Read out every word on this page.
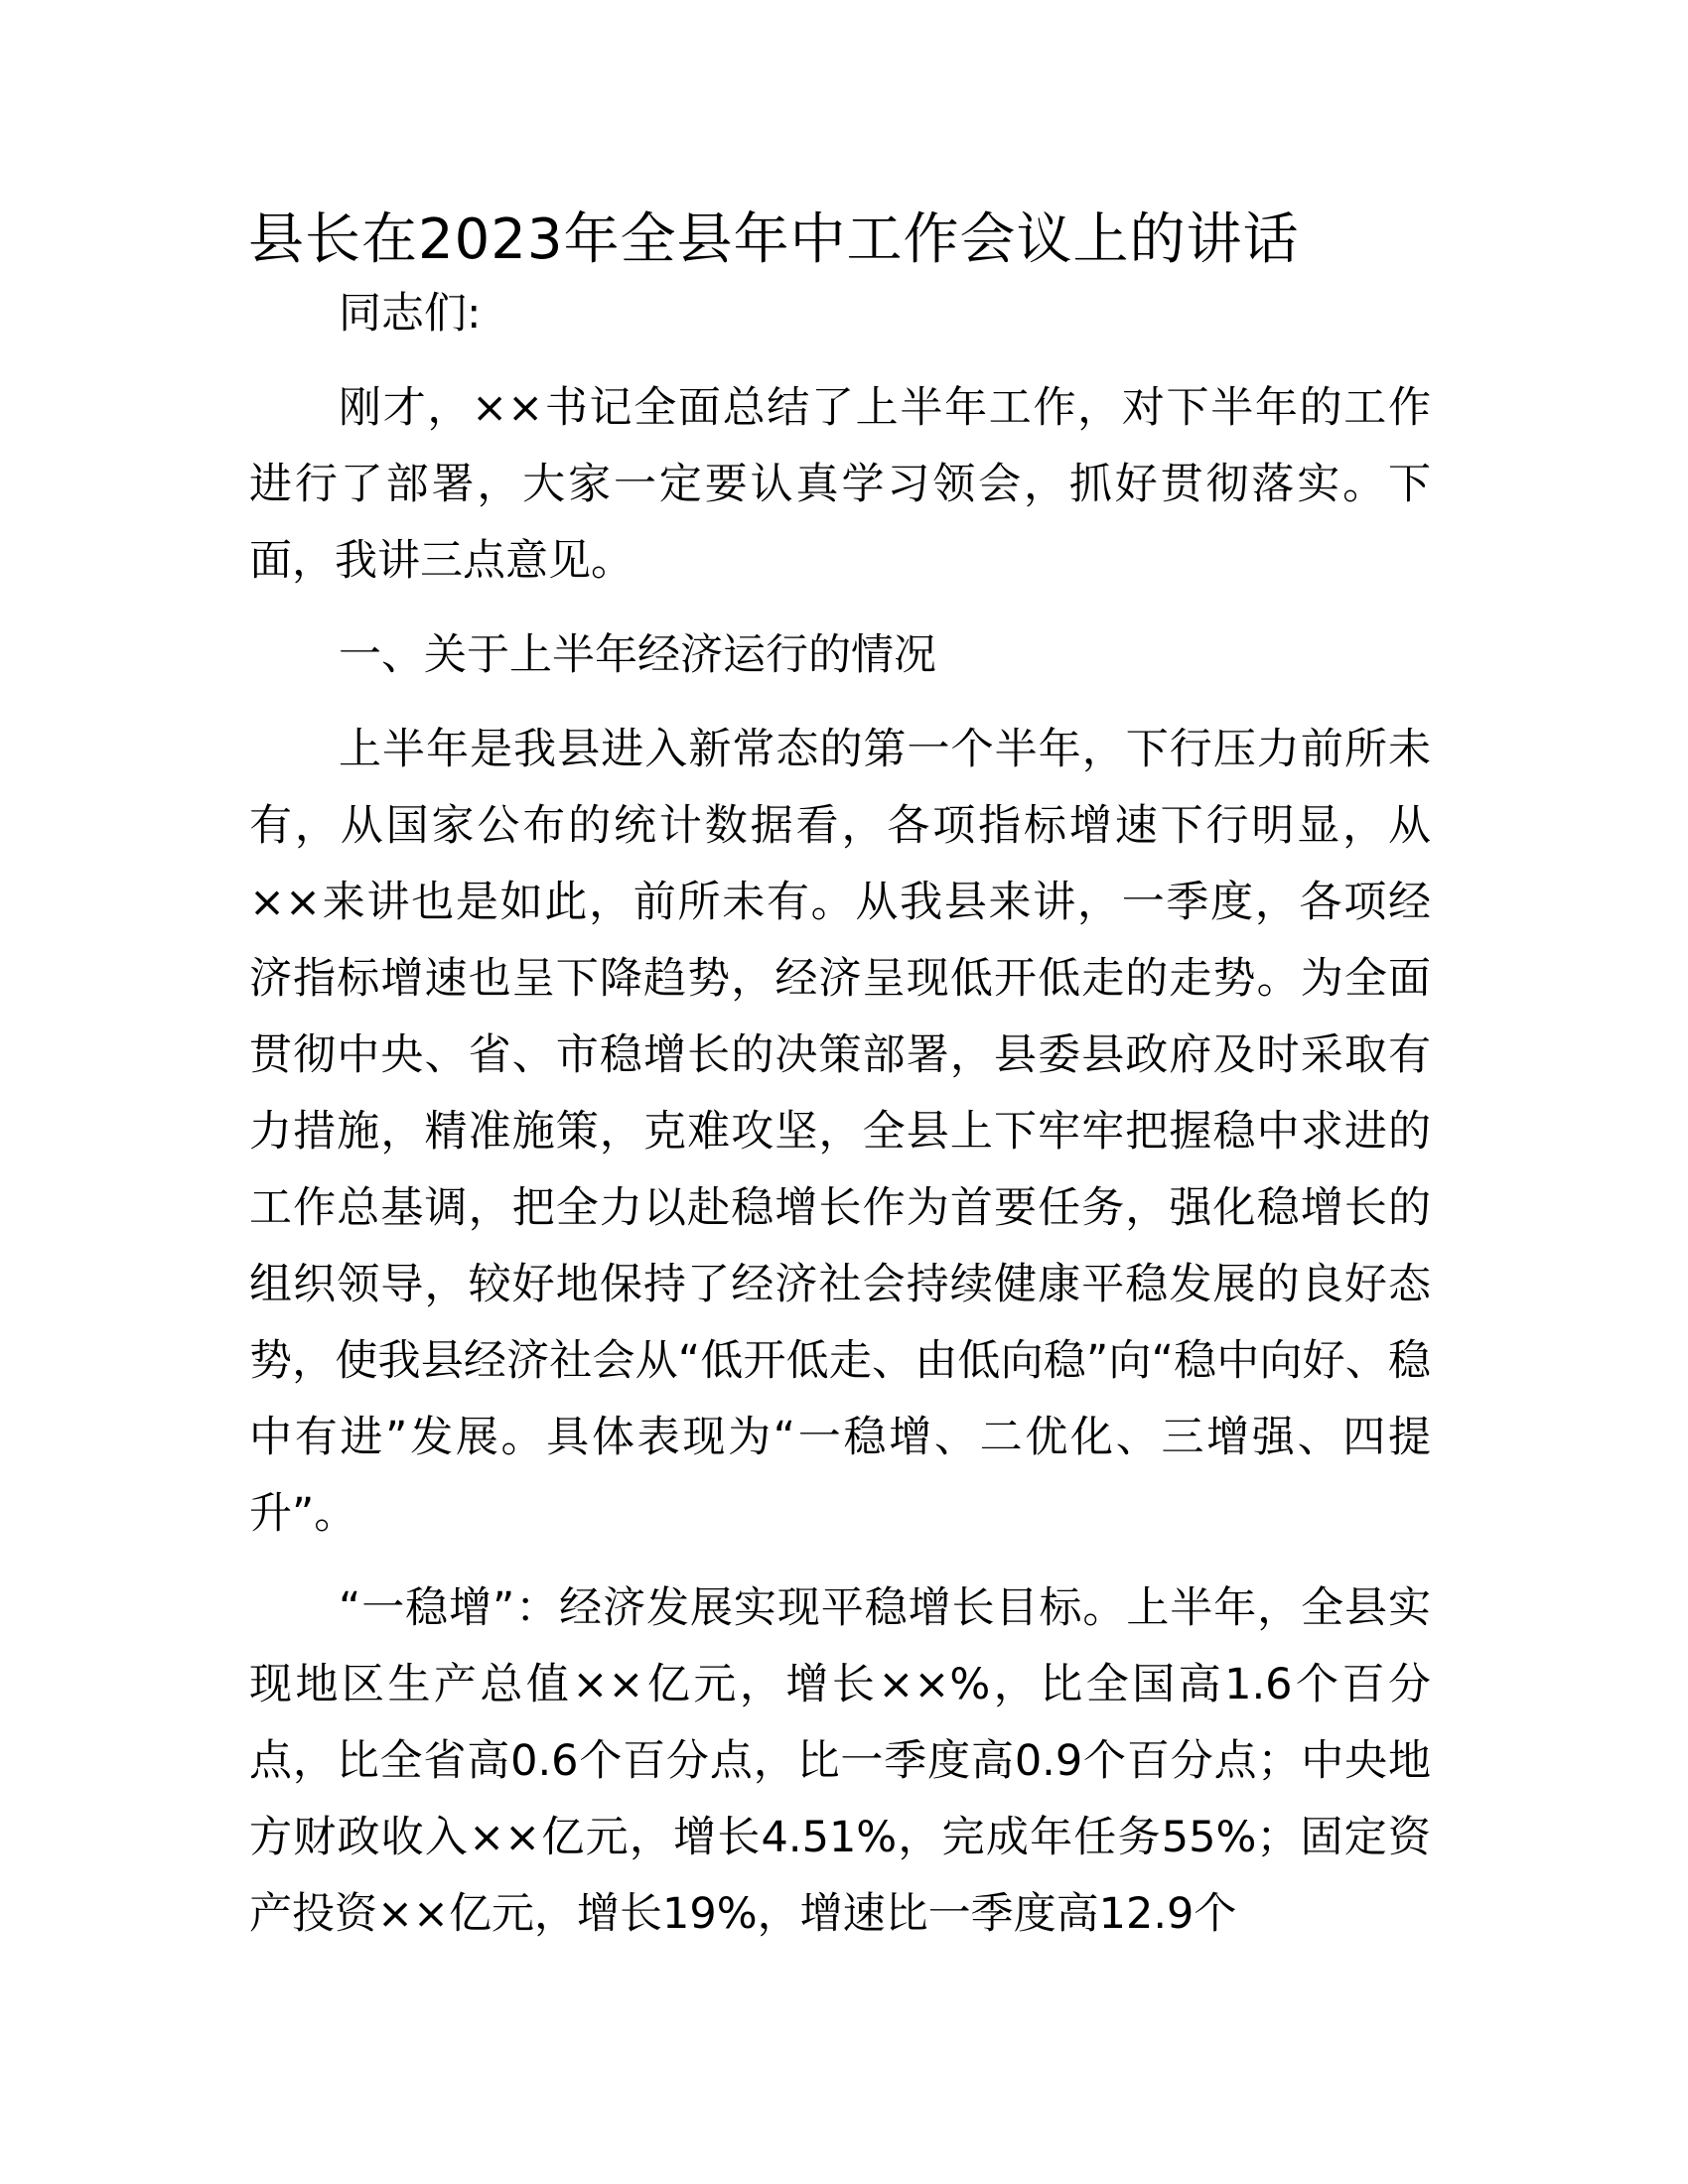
县长在2023年全县年中工作会议上的讲话

同志们:

刚才，××书记全面总结了上半年工作，对下半年的工作进行了部署，大家一定要认真学习领会，抓好贯彻落实。下面，我讲三点意见。

一、关于上半年经济运行的情况

上半年是我县进入新常态的第一个半年，下行压力前所未有，从国家公布的统计数据看，各项指标增速下行明显，从××来讲也是如此，前所未有。从我县来讲，一季度，各项经济指标增速也呈下降趋势，经济呈现低开低走的走势。为全面贯彻中央、省、市稳增长的决策部署，县委县政府及时采取有力措施，精准施策，克难攻坚，全县上下牢牢把握稳中求进的工作总基调，把全力以赴稳增长作为首要任务，强化稳增长的组织领导，较好地保持了经济社会持续健康平稳发展的良好态势，使我县经济社会从“低开低走、由低向稳”向“稳中向好、稳中有进”发展。具体表现为“一稳增、二优化、三增强、四提升”。

“一稳增”：经济发展实现平稳增长目标。上半年，全县实现地区生产总值××亿元，增长××%，比全国高1.6个百分点，比全省高0.6个百分点，比一季度高0.9个百分点；中央地方财政收入××亿元，增长4.51%，完成年任务55%；固定资产投资××亿元，增长19%，增速比一季度高12.9个
